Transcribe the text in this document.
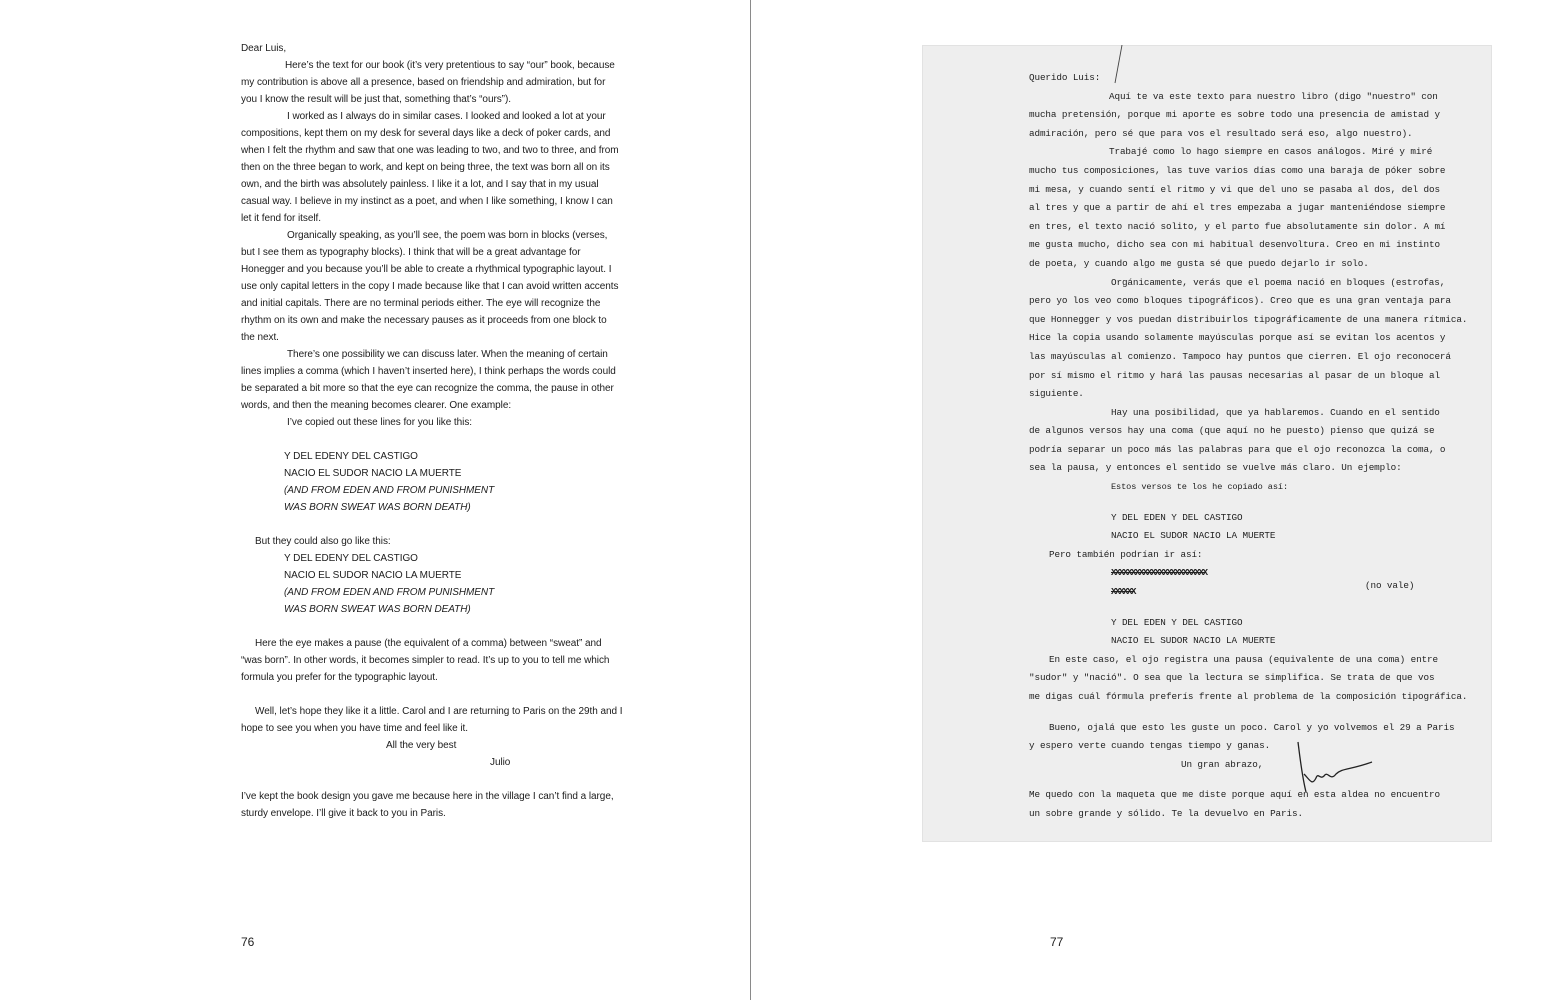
Dear Luis,

Here’s the text for our book (it’s very pretentious to say “our” book, because my contribution is above all a presence, based on friendship and admiration, but for you I know the result will be just that, something that’s “ours”).

I worked as I always do in similar cases. I looked and looked a lot at your compositions, kept them on my desk for several days like a deck of poker cards, and when I felt the rhythm and saw that one was leading to two, and two to three, and from then on the three began to work, and kept on being three, the text was born all on its own, and the birth was absolutely painless. I like it a lot, and I say that in my usual casual way. I believe in my instinct as a poet, and when I like something, I know I can let it fend for itself.

Organically speaking, as you’ll see, the poem was born in blocks (verses, but I see them as typography blocks). I think that will be a great advantage for Honegger and you because you’ll be able to create a rhythmical typographic layout. I use only capital letters in the copy I made because like that I can avoid written accents and initial capitals. There are no terminal periods either. The eye will recognize the rhythm on its own and make the necessary pauses as it proceeds from one block to the next.

There’s one possibility we can discuss later. When the meaning of certain lines implies a comma (which I haven’t inserted here), I think perhaps the words could be separated a bit more so that the eye can recognize the comma, the pause in other words, and then the meaning becomes clearer. One example:

I’ve copied out these lines for you like this:

Y DEL EDENY DEL CASTIGO
NACIO EL SUDOR NACIO LA MUERTE
(AND FROM EDEN AND FROM PUNISHMENT
WAS BORN SWEAT WAS BORN DEATH)

But they could also go like this:

Y DEL EDENY DEL CASTIGO
NACIO EL SUDOR NACIO LA MUERTE
(AND FROM EDEN AND FROM PUNISHMENT
WAS BORN SWEAT WAS BORN DEATH)

Here the eye makes a pause (the equivalent of a comma) between “sweat” and “was born”. In other words, it becomes simpler to read. It’s up to you to tell me which formula you prefer for the typographic layout.

Well, let’s hope they like it a little. Carol and I are returning to Paris on the 29th and I hope to see you when you have time and feel like it.

All the very best

Julio

I’ve kept the book design you gave me because here in the village I can’t find a large, sturdy envelope. I’ll give it back to you in Paris.

76
Querido Luis:
Aquí te va este texto para nuestro libro (digo "nuestro" con
mucha pretensión, porque mi aporte es sobre todo una presencia de amistad y
admiración, pero sé que para vos el resultado será eso, algo nuestro).
Trabajé como lo hago siempre en casos análogos. Miré y miré
mucho tus composiciones, las tuve varios días como una baraja de póker sobre
mi mesa, y cuando sentí el ritmo y vi que del uno se pasaba al dos, del dos
al tres y que a partir de ahí el tres empezaba a jugar manteniéndose siempre
en tres, el texto nació solito, y el parto fue absolutamente sin dolor. A mí
me gusta mucho, dicho sea con mi habitual desenvoltura. Creo en mi instinto
de poeta, y cuando algo me gusta sé que puedo dejarlo ir solo.
Orgánicamente, verás que el poema nació en bloques (estrofas,
pero yo los veo como bloques tipográficos). Creo que es una gran ventaja para
que Honnegger y vos puedan distribuirlos tipográficamente de una manera rítmica.
Hice la copia usando solamente mayúsculas porque así se evitan los acentos y
las mayúsculas al comienzo. Tampoco hay puntos que cierren. El ojo reconocerá
por sí mismo el ritmo y hará las pausas necesarias al pasar de un bloque al
siguiente.
Hay una posibilidad, que ya hablaremos. Cuando en el sentido
de algunos versos hay una coma (que aquí no he puesto) pienso que quizá se
podría separar un poco más las palabras para que el ojo reconozca la coma, o
sea la pausa, y entonces el sentido se vuelve más claro. Un ejemplo:
Estos versos te los he copiado así:
Y DEL EDEN Y DEL CASTIGO
NACIO EL SUDOR NACIO LA MUERTE
Pero también podrían ir así:
XXXXXXXXXXXXXXXXXXXXXXXX
XXXXXX
(no vale)
Y DEL EDEN Y DEL CASTIGO
NACIO EL SUDOR NACIO LA MUERTE
En este caso, el ojo registra una pausa (equivalente de una coma) entre
"sudor" y "nació". O sea que la lectura se simplifica. Se trata de que vos
me digas cuál fórmula preferís frente al problema de la composición tipográfica.
Bueno, ojalá que esto les guste un poco. Carol y yo volvemos el 29 a Paris
y espero verte cuando tengas tiempo y ganas.
Un gran abrazo,
Me quedo con la maqueta que me diste porque aquí en esta aldea no encuentro
un sobre grande y sólido. Te la devuelvo en Paris.
77
